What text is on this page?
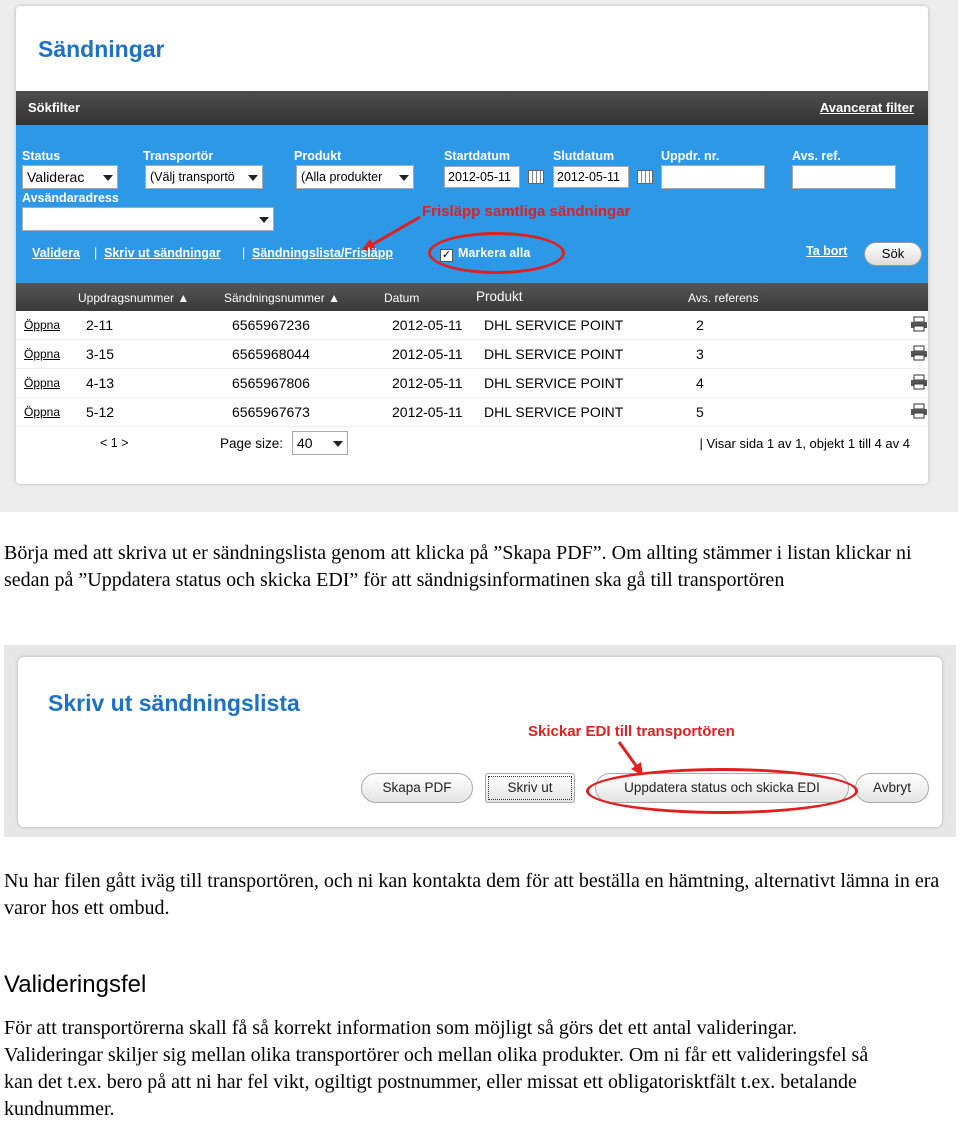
Sändningar
Sökfilter	Avancerat filter
Status	Transportör	Produkt	Startdatum	Slutdatum	Uppdr. nr.	Avs. ref.
Validerac	(Välj transportö	(Alla produkter	2012-05-11	2012-05-11
Avsändaradress
Frisläpp samtliga sändningar
Validera | Skriv ut sändningar | Sändningslista/Frisläpp	✓ Markera alla	Ta bort	Sök
Uppdragsnummer ▲	Sändningsnummer ▲	Datum	Produkt	Avs. referens
Öppna 2-11	6565967236	2012-05-11 DHL SERVICE POINT	2
Öppna 3-15	6565968044	2012-05-11 DHL SERVICE POINT	3
Öppna 4-13	6565967806	2012-05-11 DHL SERVICE POINT	4
Öppna 5-12	6565967673	2012-05-11 DHL SERVICE POINT	5
< 1 >	Page size: 40	| Visar sida 1 av 1, objekt 1 till 4 av 4

Börja med att skriva ut er sändningslista genom att klicka på ”Skapa PDF”. Om allting stämmer i listan klickar ni sedan på ”Uppdatera status och skicka EDI” för att sändnigsinformatinen ska gå till transportören

Skriv ut sändningslista
Skickar EDI till transportören
Skapa PDF	Skriv ut	Uppdatera status och skicka EDI	Avbryt

Nu har filen gått iväg till transportören, och ni kan kontakta dem för att beställa en hämtning, alternativt lämna in era varor hos ett ombud.

Valideringsfel

För att transportörerna skall få så korrekt information som möjligt så görs det ett antal valideringar. Valideringar skiljer sig mellan olika transportörer och mellan olika produkter. Om ni får ett valideringsfel så kan det t.ex. bero på att ni har fel vikt, ogiltigt postnummer, eller missat ett obligatorisktfält t.ex. betalande kundnummer.
